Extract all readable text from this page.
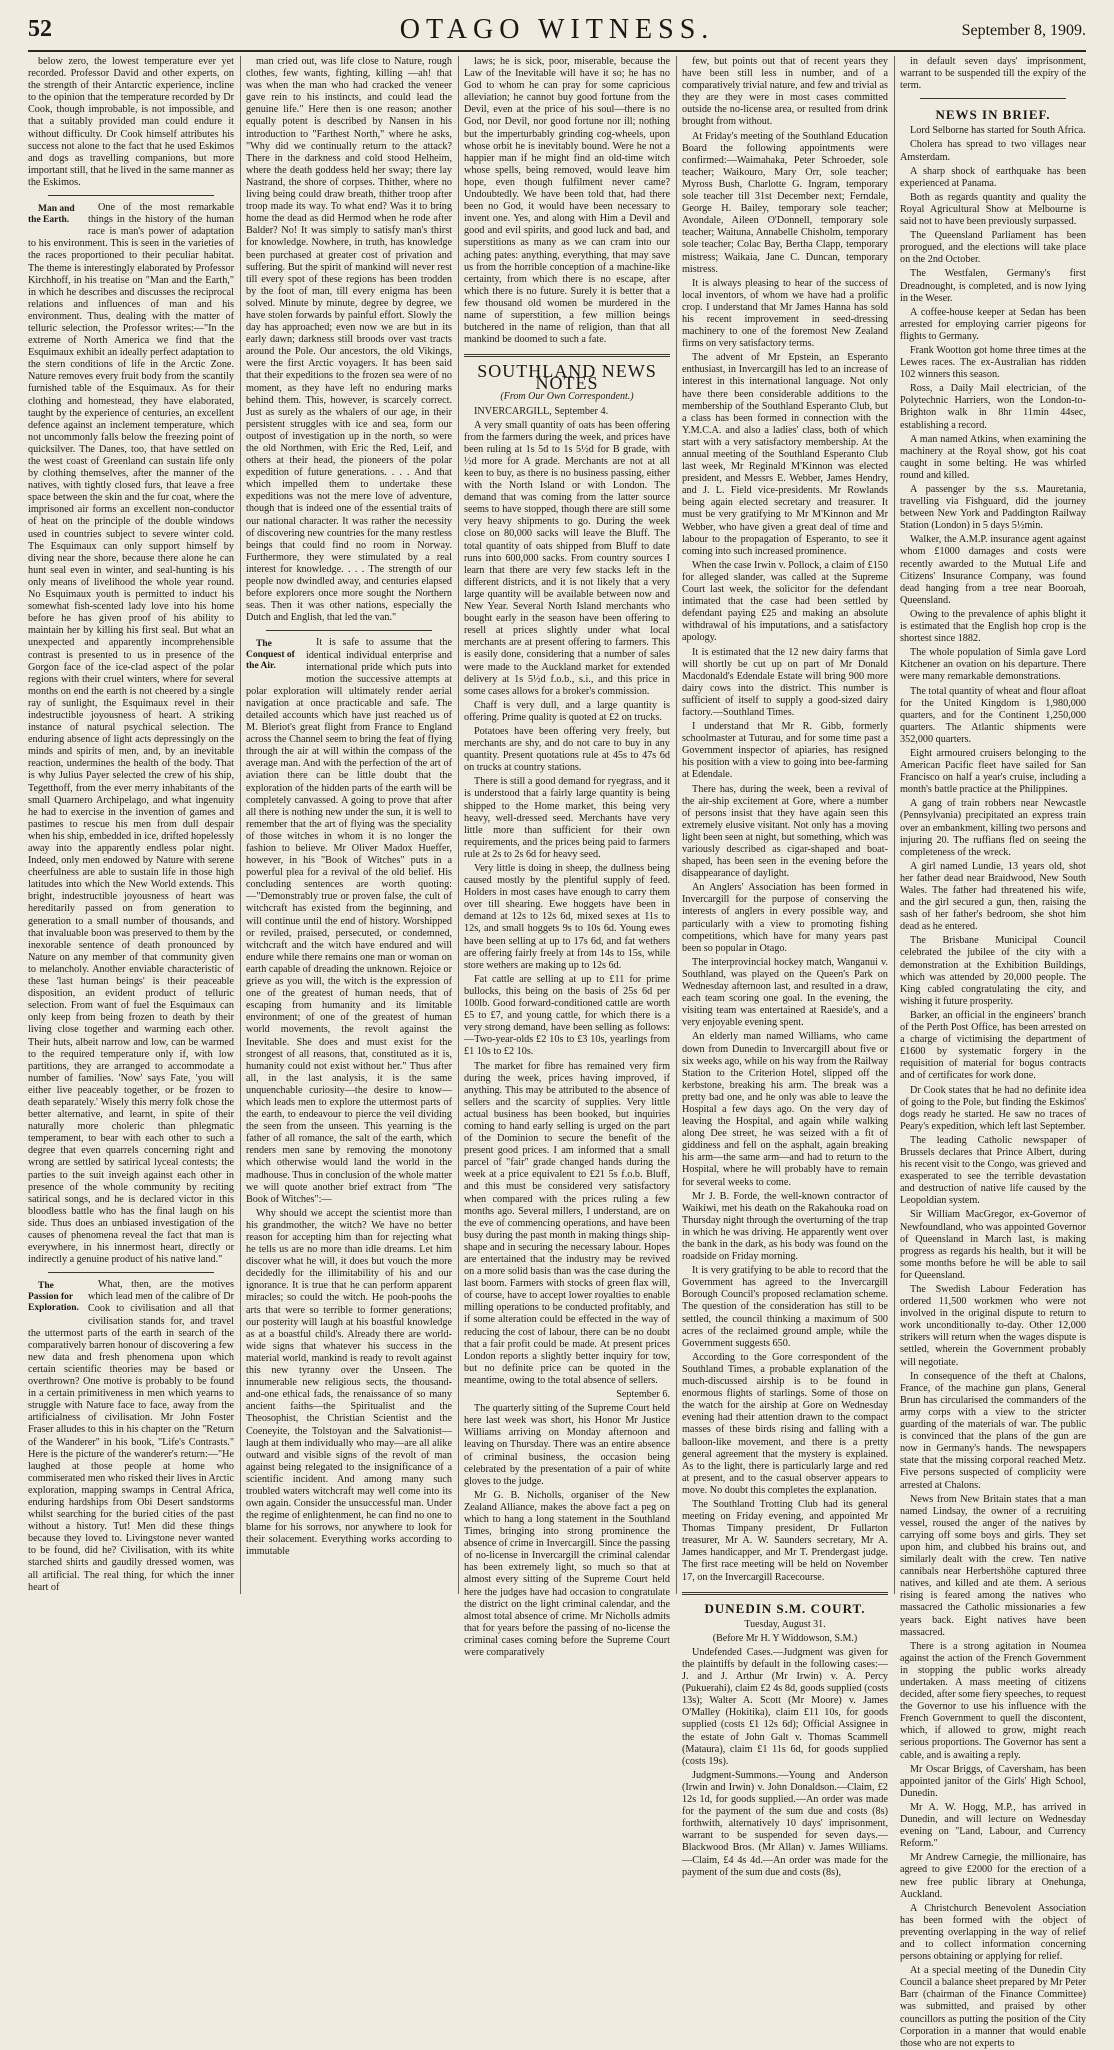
52	OTAGO WITNESS.	September 8, 1909.

below zero, the lowest temperature ever yet recorded. Professor David and other experts, on the strength of their Antarctic experience, incline to the opinion that the temperature recorded by Dr Cook, though improbable, is not impossible, and that a suitably provided man could endure it without difficulty. Dr Cook himself attributes his success not alone to the fact that he used Eskimos and dogs as travelling companions, but more important still, that he lived in the same manner as the Eskimos.

Man and the Earth.
One of the most remarkable things in the history of the human race is man's power of adaptation to his environment. This is seen in the varieties of the races proportioned to their peculiar habitat. The theme is interestingly elaborated by Professor Kirchhoff, in his treatise on "Man and the Earth," in which he describes and discusses the reciprocal relations and influences of man and his environment. Thus, dealing with the matter of telluric selection, the Professor writes:—"In the extreme of North America we find that the Esquimaux exhibit an ideally perfect adaptation to the stern conditions of life in the Arctic Zone. Nature removes every fruit body from the scantily furnished table of the Esquimaux. As for their clothing and homestead, they have elaborated, taught by the experience of centuries, an excellent defence against an inclement temperature, which not uncommonly falls below the freezing point of quicksilver. The Danes, too, that have settled on the west coast of Greenland can sustain life only by clothing themselves, after the manner of the natives, with tightly closed furs, that leave a free space between the skin and the fur coat, where the imprisoned air forms an excellent non-conductor of heat on the principle of the double windows used in countries subject to severe winter cold. The Esquimaux can only support himself by diving near the shore, because there alone he can hunt seal even in winter, and seal-hunting is his only means of livelihood the whole year round. No Esquimaux youth is permitted to induct his somewhat fish-scented lady love into his home before he has given proof of his ability to maintain her by killing his first seal. But what an unexpected and apparently incomprehensible contrast is presented to us in presence of the Gorgon face of the ice-clad aspect of the polar regions with their cruel winters, where for several months on end the earth is not cheered by a single ray of sunlight, the Esquimaux revel in their indestructible joyousness of heart. A striking instance of natural psychical selection. The enduring absence of light acts depressingly on the minds and spirits of men, and, by an inevitable reaction, undermines the health of the body. That is why Julius Payer selected the crew of his ship, Tegetthoff, from the ever merry inhabitants of the small Quarnero Archipelago, and what ingenuity he had to exercise in the invention of games and pastimes to rescue his men from dull despair when his ship, embedded in ice, drifted hopelessly away into the apparently endless polar night. Indeed, only men endowed by Nature with serene cheerfulness are able to sustain life in those high latitudes into which the New World extends. This bright, indestructible joyousness of heart was hereditarily passed on from generation to generation to a small number of thousands, and that invaluable boon was preserved to them by the inexorable sentence of death pronounced by Nature on any member of that community given to melancholy. Another enviable characteristic of these 'last human beings' is their peaceable disposition, an evident product of telluric selection. From want of fuel the Esquimaux can only keep from being frozen to death by their living close together and warming each other. Their huts, albeit narrow and low, can be warmed to the required temperature only if, with low partitions, they are arranged to accommodate a number of families. 'Now' says Fate, 'you will either live peaceably together, or be frozen to death separately.' Wisely this merry folk chose the better alternative, and learnt, in spite of their naturally more choleric than phlegmatic temperament, to bear with each other to such a degree that even quarrels concerning right and wrong are settled by satirical lyceal contests; the parties to the suit inveigh against each other in presence of the whole community by reciting satirical songs, and he is declared victor in this bloodless battle who has the final laugh on his side. Thus does an unbiased investigation of the causes of phenomena reveal the fact that man is everywhere, in his innermost heart, directly or indirectly a genuine product of his native land."

The Passion for Exploration.
What, then, are the motives which lead men of the calibre of Dr Cook to civilisation and all that civilisation stands for, and travel the uttermost parts of the earth in search of the comparatively barren honour of discovering a few new data and fresh phenomena upon which certain scientific theories may be based or overthrown? One motive is probably to be found in a certain primitiveness in men which yearns to struggle with Nature face to face, away from the artificialness of civilisation. Mr John Foster Fraser alludes to this in his chapter on the "Return of the Wanderer" in his book, "Life's Contrasts." Here is the picture of the wanderer's return:—"He laughed at those people at home who commiserated men who risked their lives in Arctic exploration, mapping swamps in Central Africa, enduring hardships from Obi Desert sandstorms whilst searching for the buried cities of the past without a history. Tut! Men did these things because they loved to. Livingstone never wanted to be found, did he? Civilisation, with its white starched shirts and gaudily dressed women, was all artificial. The real thing, for which the inner heart of

man cried out, was life close to Nature, rough clothes, few wants, fighting, killing —ah! that was when the man who had cracked the veneer gave rein to his instincts, and could lead the genuine life." Here then is one reason; another equally potent is described by Nansen in his introduction to "Farthest North," where he asks, "Why did we continually return to the attack? There in the darkness and cold stood Helheim, where the death goddess held her sway; there lay Nastrand, the shore of corpses. Thither, where no living being could draw breath, thither troop after troop made its way. To what end? Was it to bring home the dead as did Hermod when he rode after Balder? No! It was simply to satisfy man's thirst for knowledge. Nowhere, in truth, has knowledge been purchased at greater cost of privation and suffering. But the spirit of mankind will never rest till every spot of these regions has been trodden by the foot of man, till every enigma has been solved. Minute by minute, degree by degree, we have stolen forwards by painful effort. Slowly the day has approached; even now we are but in its early dawn; darkness still broods over vast tracts around the Pole. Our ancestors, the old Vikings, were the first Arctic voyagers. It has been said that their expeditions to the frozen sea were of no moment, as they have left no enduring marks behind them. This, however, is scarcely correct. Just as surely as the whalers of our age, in their persistent struggles with ice and sea, form our outpost of investigation up in the north, so were the old Northmen, with Eric the Red, Leif, and others at their head, the pioneers of the polar expedition of future generations. . . . And that which impelled them to undertake these expeditions was not the mere love of adventure, though that is indeed one of the essential traits of our national character. It was rather the necessity of discovering new countries for the many restless beings that could find no room in Norway. Furthermore, they were stimulated by a real interest for knowledge. . . . The strength of our people now dwindled away, and centuries elapsed before explorers once more sought the Northern seas. Then it was other nations, especially the Dutch and English, that led the van."

The Conquest of the Air.
It is safe to assume that the identical individual enterprise and international pride which puts into motion the successive attempts at polar exploration will ultimately render aerial navigation at once practicable and safe. The detailed accounts which have just reached us of M. Bleriot's great flight from France to England across the Channel seem to bring the feat of flying through the air at will within the compass of the average man. And with the perfection of the art of aviation there can be little doubt that the exploration of the hidden parts of the earth will be completely canvassed. A going to prove that after all there is nothing new under the sun, it is well to remember that the art of flying was the speciality of those witches in whom it is no longer the fashion to believe. Mr Oliver Madox Hueffer, however, in his "Book of Witches" puts in a powerful plea for a revival of the old belief. His concluding sentences are worth quoting:—"Demonstrably true or proven false, the cult of witchcraft has existed from the beginning, and will continue until the end of history. Worshipped or reviled, praised, persecuted, or condemned, witchcraft and the witch have endured and will endure while there remains one man or woman on earth capable of dreading the unknown. Rejoice or grieve as you will, the witch is the expression of one of the greatest of human needs, that of escaping from humanity and its limitable environment; of one of the greatest of human world movements, the revolt against the Inevitable. She does and must exist for the strongest of all reasons, that, constituted as it is, humanity could not exist without her." Thus after all, in the last analysis, it is the same unquenchable curiosity—the desire to know—which leads men to explore the uttermost parts of the earth, to endeavour to pierce the veil dividing the seen from the unseen. This yearning is the father of all romance, the salt of the earth, which renders men sane by removing the monotony which otherwise would land the world in the madhouse. Thus in conclusion of the whole matter we will quote another brief extract from "The Book of Witches":—

Why should we accept the scientist more than his grandmother, the witch? We have no better reason for accepting him than for rejecting what he tells us are no more than idle dreams. Let him discover what he will, it does but vouch the more decidedly for the illimitability of his and our ignorance. It is true that he can perform apparent miracles; so could the witch. He pooh-poohs the arts that were so terrible to former generations; our posterity will laugh at his boastful knowledge as at a boastful child's. Already there are world-wide signs that whatever his success in the material world, mankind is ready to revolt against this new tyranny over the Unseen. The innumerable new religious sects, the thousand-and-one ethical fads, the renaissance of so many ancient faiths—the Spiritualist and the Theosophist, the Christian Scientist and the Coeneyite, the Tolstoyan and the Salvationist—laugh at them individually who may—are all alike outward and visible signs of the revolt of man against being relegated to the insignificance of a scientific incident. And among many such troubled waters witchcraft may well come into its own again. Consider the unsuccessful man. Under the regime of enlightenment, he can find no one to blame for his sorrows, nor anywhere to look for their solacement. Everything works according to immutable

laws; he is sick, poor, miserable, because the Law of the Inevitable will have it so; he has no God to whom he can pray for some capricious alleviation; he cannot buy good fortune from the Devil, even at the price of his soul—there is no God, nor Devil, nor good fortune nor ill; nothing but the imperturbably grinding cog-wheels, upon whose orbit he is inevitably bound. Were he not a happier man if he might find an old-time witch whose spells, being removed, would leave him hope, even though fulfilment never came? Undoubtedly. We have been told that, had there been no God, it would have been necessary to invent one. Yes, and along with Him a Devil and good and evil spirits, and good luck and bad, and superstitions as many as we can cram into our aching pates: anything, everything, that may save us from the horrible conception of a machine-like certainty, from which there is no escape, after which there is no future. Surely it is better that a few thousand old women be murdered in the name of superstition, a few million beings butchered in the name of religion, than that all mankind be doomed to such a fate.

SOUTHLAND NEWS NOTES
(From Our Own Correspondent.)

INVERCARGILL, September 4.

A very small quantity of oats has been offering from the farmers during the week, and prices have been ruling at 1s 5d to 1s 5½d for B grade, with ½d more for A grade. Merchants are not at all keen to buy, as there is no business passing, either with the North Island or with London. The demand that was coming from the latter source seems to have stopped, though there are still some very heavy shipments to go. During the week close on 80,000 sacks will leave the Bluff. The total quantity of oats shipped from Bluff to date runs into 600,000 sacks. From country sources I learn that there are very few stacks left in the different districts, and it is not likely that a very large quantity will be available between now and New Year. Several North Island merchants who bought early in the season have been offering to resell at prices slightly under what local merchants are at present offering to farmers. This is easily done, considering that a number of sales were made to the Auckland market for extended delivery at 1s 5½d f.o.b., s.i., and this price in some cases allows for a broker's commission.

Chaff is very dull, and a large quantity is offering. Prime quality is quoted at £2 on trucks.

Potatoes have been offering very freely, but merchants are shy, and do not care to buy in any quantity. Present quotations rule at 45s to 47s 6d on trucks at country stations.

There is still a good demand for ryegrass, and it is understood that a fairly large quantity is being shipped to the Home market, this being very heavy, well-dressed seed. Merchants have very little more than sufficient for their own requirements, and the prices being paid to farmers rule at 2s to 2s 6d for heavy seed.

Very little is doing in sheep, the dullness being caused mostly by the plentiful supply of feed. Holders in most cases have enough to carry them over till shearing. Ewe hoggets have been in demand at 12s to 12s 6d, mixed sexes at 11s to 12s, and small hoggets 9s to 10s 6d. Young ewes have been selling at up to 17s 6d, and fat wethers are offering fairly freely at from 14s to 15s, while store wethers are making up to 12s 6d.

Fat cattle are selling at up to £11 for prime bullocks, this being on the basis of 25s 6d per 100lb. Good forward-conditioned cattle are worth £5 to £7, and young cattle, for which there is a very strong demand, have been selling as follows:—Two-year-olds £2 10s to £3 10s, yearlings from £1 10s to £2 10s.

The market for fibre has remained very firm during the week, prices having improved, if anything. This may be attributed to the absence of sellers and the scarcity of supplies. Very little actual business has been booked, but inquiries coming to hand early selling is urged on the part of the Dominion to secure the benefit of the present good prices. I am informed that a small parcel of "fair" grade changed hands during the week at a price equivalent to £21 5s f.o.b. Bluff, and this must be considered very satisfactory when compared with the prices ruling a few months ago. Several millers, I understand, are on the eve of commencing operations, and have been busy during the past month in making things ship-shape and in securing the necessary labour. Hopes are entertained that the industry may be revived on a more solid basis than was the case during the last boom. Farmers with stocks of green flax will, of course, have to accept lower royalties to enable milling operations to be conducted profitably, and if some alteration could be effected in the way of reducing the cost of labour, there can be no doubt that a fair profit could be made. At present prices London reports a slightly better inquiry for tow, but no definite price can be quoted in the meantime, owing to the total absence of sellers.

September 6.

The quarterly sitting of the Supreme Court held here last week was short, his Honor Mr Justice Williams arriving on Monday afternoon and leaving on Thursday. There was an entire absence of criminal business, the occasion being celebrated by the presentation of a pair of white gloves to the judge.

Mr G. B. Nicholls, organiser of the New Zealand Alliance, makes the above fact a peg on which to hang a long statement in the Southland Times, bringing into strong prominence the absence of crime in Invercargill. Since the passing of no-license in Invercargill the criminal calendar has been extremely light, so much so that at almost every sitting of the Supreme Court held here the judges have had occasion to congratulate the district on the light criminal calendar, and the almost total absence of crime. Mr Nicholls admits that for years before the passing of no-license the criminal cases coming before the Supreme Court were comparatively

few, but points out that of recent years they have been still less in number, and of a comparatively trivial nature, and few and trivial as they are they were in most cases committed outside the no-license area, or resulted from drink brought from without.

At Friday's meeting of the Southland Education Board the following appointments were confirmed:—Waimahaka, Peter Schroeder, sole teacher; Waikouro, Mary Orr, sole teacher; Myross Bush, Charlotte G. Ingram, temporary sole teacher till 31st December next; Ferndale, George H. Bailey, temporary sole teacher; Avondale, Aileen O'Donnell, temporary sole teacher; Waituna, Annabelle Chisholm, temporary sole teacher; Colac Bay, Bertha Clapp, temporary mistress; Waikaia, Jane C. Duncan, temporary mistress.

It is always pleasing to hear of the success of local inventors, of whom we have had a prolific crop. I understand that Mr James Hanna has sold his recent improvement in seed-dressing machinery to one of the foremost New Zealand firms on very satisfactory terms.

The advent of Mr Epstein, an Esperanto enthusiast, in Invercargill has led to an increase of interest in this international language. Not only have there been considerable additions to the membership of the Southland Esperanto Club, but a class has been formed in connection with the Y.M.C.A. and also a ladies' class, both of which start with a very satisfactory membership. At the annual meeting of the Southland Esperanto Club last week, Mr Reginald M'Kinnon was elected president, and Messrs E. Webber, James Hendry, and J. L. Field vice-presidents. Mr Rowlands being again elected secretary and treasurer. It must be very gratifying to Mr M'Kinnon and Mr Webber, who have given a great deal of time and labour to the propagation of Esperanto, to see it coming into such increased prominence.

When the case Irwin v. Pollock, a claim of £150 for alleged slander, was called at the Supreme Court last week, the solicitor for the defendant intimated that the case had been settled by defendant paying £25 and making an absolute withdrawal of his imputations, and a satisfactory apology.

It is estimated that the 12 new dairy farms that will shortly be cut up on part of Mr Donald Macdonald's Edendale Estate will bring 900 more dairy cows into the district. This number is sufficient of itself to supply a good-sized dairy factory.—Southland Times.

I understand that Mr R. Gibb, formerly schoolmaster at Tuturau, and for some time past a Government inspector of apiaries, has resigned his position with a view to going into bee-farming at Edendale.

There has, during the week, been a revival of the air-ship excitement at Gore, where a number of persons insist that they have again seen this extremely elusive visitant. Not only has a moving light been seen at night, but something, which was variously described as cigar-shaped and boat-shaped, has been seen in the evening before the disappearance of daylight.

An Anglers' Association has been formed in Invercargill for the purpose of conserving the interests of anglers in every possible way, and particularly with a view to promoting fishing competitions, which have for many years past been so popular in Otago.

The interprovincial hockey match, Wanganui v. Southland, was played on the Queen's Park on Wednesday afternoon last, and resulted in a draw, each team scoring one goal. In the evening, the visiting team was entertained at Raeside's, and a very enjoyable evening spent.

An elderly man named Williams, who came down from Dunedin to Invercargill about five or six weeks ago, while on his way from the Railway Station to the Criterion Hotel, slipped off the kerbstone, breaking his arm. The break was a pretty bad one, and he only was able to leave the Hospital a few days ago. On the very day of leaving the Hospital, and again while walking along Dee street, he was seized with a fit of giddiness and fell on the asphalt, again breaking his arm—the same arm—and had to return to the Hospital, where he will probably have to remain for several weeks to come.

Mr J. B. Forde, the well-known contractor of Waikiwi, met his death on the Rakahouka road on Thursday night through the overturning of the trap in which he was driving. He apparently went over the bank in the dark, as his body was found on the roadside on Friday morning.

It is very gratifying to be able to record that the Government has agreed to the Invercargill Borough Council's proposed reclamation scheme. The question of the consideration has still to be settled, the council thinking a maximum of 500 acres of the reclaimed ground ample, while the Government suggests 650.

According to the Gore correspondent of the Southland Times, a probable explanation of the much-discussed airship is to be found in enormous flights of starlings. Some of those on the watch for the airship at Gore on Wednesday evening had their attention drawn to the compact masses of these birds rising and falling with a balloon-like movement, and there is a pretty general agreement that the mystery is explained. As to the light, there is particularly large and red at present, and to the casual observer appears to move. No doubt this completes the explanation.

The Southland Trotting Club had its general meeting on Friday evening, and appointed Mr Thomas Timpany president, Dr Fullarton treasurer, Mr A. W. Saunders secretary, Mr A. James handicapper, and Mr T. Prendergast judge. The first race meeting will be held on November 17, on the Invercargill Racecourse.

DUNEDIN S.M. COURT.
Tuesday, August 31.
(Before Mr H. Y Widdowson, S.M.)

Undefended Cases.—Judgment was given for the plaintiffs by default in the following cases:—J. and J. Arthur (Mr Irwin) v. A. Percy (Pukuerahi), claim £2 4s 8d, goods supplied (costs 13s); Walter A. Scott (Mr Moore) v. James O'Malley (Hokitika), claim £11 10s, for goods supplied (costs £1 12s 6d); Official Assignee in the estate of John Galt v. Thomas Scammell (Mataura), claim £1 11s 6d, for goods supplied (costs 19s).

Judgment-Summons.—Young and Anderson (Irwin and Irwin) v. John Donaldson.—Claim, £2 12s 1d, for goods supplied.—An order was made for the payment of the sum due and costs (8s) forthwith, alternatively 10 days' imprisonment, warrant to be suspended for seven days.—Blackwood Bros. (Mr Allan) v. James Williams.—Claim, £4 4s 4d.—An order was made for the payment of the sum due and costs (8s),

in default seven days' imprisonment, warrant to be suspended till the expiry of the term.

NEWS IN BRIEF.

Lord Selborne has started for South Africa.

Cholera has spread to two villages near Amsterdam.

A sharp shock of earthquake has been experienced at Panama.

Both as regards quantity and quality the Royal Agricultural Show at Melbourne is said not to have been previously surpassed.

The Queensland Parliament has been prorogued, and the elections will take place on the 2nd October.

The Westfalen, Germany's first Dreadnought, is completed, and is now lying in the Weser.

A coffee-house keeper at Sedan has been arrested for employing carrier pigeons for flights to Germany.

Frank Wootton got home three times at the Lewes races. The ex-Australian has ridden 102 winners this season.

Ross, a Daily Mail electrician, of the Polytechnic Harriers, won the London-to-Brighton walk in 8hr 11min 44sec, establishing a record.

A man named Atkins, when examining the machinery at the Royal show, got his coat caught in some belting. He was whirled round and killed.

A passenger by the s.s. Mauretania, travelling via Fishguard, did the journey between New York and Paddington Railway Station (London) in 5 days 5½min.

Walker, the A.M.P. insurance agent against whom £1000 damages and costs were recently awarded to the Mutual Life and Citizens' Insurance Company, was found dead hanging from a tree near Booroah, Queensland.

Owing to the prevalence of aphis blight it is estimated that the English hop crop is the shortest since 1882.

The whole population of Simla gave Lord Kitchener an ovation on his departure. There were many remarkable demonstrations.

The total quantity of wheat and flour afloat for the United Kingdom is 1,980,000 quarters, and for the Continent 1,250,000 quarters. The Atlantic shipments were 352,000 quarters.

Eight armoured cruisers belonging to the American Pacific fleet have sailed for San Francisco on half a year's cruise, including a month's battle practice at the Philippines.

A gang of train robbers near Newcastle (Pennsylvania) precipitated an express train over an embankment, killing two persons and injuring 20. The ruffians fled on seeing the completeness of the wreck.

A girl named Lundie, 13 years old, shot her father dead near Braidwood, New South Wales. The father had threatened his wife, and the girl secured a gun, then, raising the sash of her father's bedroom, she shot him dead as he entered.

The Brisbane Municipal Council celebrated the jubilee of the city with a demonstration at the Exhibition Buildings, which was attended by 20,000 people. The King cabled congratulating the city, and wishing it future prosperity.

Barker, an official in the engineers' branch of the Perth Post Office, has been arrested on a charge of victimising the department of £1600 by systematic forgery in the requisition of material for bogus contracts and of certificates for work done.

Dr Cook states that he had no definite idea of going to the Pole, but finding the Eskimos' dogs ready he started. He saw no traces of Peary's expedition, which left last September.

The leading Catholic newspaper of Brussels declares that Prince Albert, during his recent visit to the Congo, was grieved and exasperated to see the terrible devastation and destruction of native life caused by the Leopoldian system.

Sir William MacGregor, ex-Governor of Newfoundland, who was appointed Governor of Queensland in March last, is making progress as regards his health, but it will be some months before he will be able to sail for Queensland.

The Swedish Labour Federation has ordered 11,500 workmen who were not involved in the original dispute to return to work unconditionally to-day. Other 12,000 strikers will return when the wages dispute is settled, wherein the Government probably will negotiate.

In consequence of the theft at Chalons, France, of the machine gun plans, General Brun has circularised the commanders of the army corps with a view to the stricter guarding of the materials of war. The public is convinced that the plans of the gun are now in Germany's hands. The newspapers state that the missing corporal reached Metz. Five persons suspected of complicity were arrested at Chalons.

News from New Britain states that a man named Lindsay, the owner of a recruiting vessel, roused the anger of the natives by carrying off some boys and girls. They set upon him, and clubbed his brains out, and similarly dealt with the crew. Ten native cannibals near Herbertshöhe captured three natives, and killed and ate them. A serious rising is feared among the natives who massacred the Catholic missionaries a few years back. Eight natives have been massacred.

There is a strong agitation in Noumea against the action of the French Government in stopping the public works already undertaken. A mass meeting of citizens decided, after some fiery speeches, to request the Governor to use his influence with the French Government to quell the discontent, which, if allowed to grow, might reach serious proportions. The Governor has sent a cable, and is awaiting a reply.

Mr Oscar Briggs, of Caversham, has been appointed janitor of the Girls' High School, Dunedin.

Mr A. W. Hogg, M.P., has arrived in Dunedin, and will lecture on Wednesday evening on "Land, Labour, and Currency Reform."

Mr Andrew Carnegie, the millionaire, has agreed to give £2000 for the erection of a new free public library at Onehunga, Auckland.

A Christchurch Benevolent Association has been formed with the object of preventing overlapping in the way of relief and to collect information concerning persons obtaining or applying for relief.

At a special meeting of the Dunedin City Council a balance sheet prepared by Mr Peter Barr (chairman of the Finance Committee) was submitted, and praised by other councillors as putting the position of the City Corporation in a manner that would enable those who are not experts to
